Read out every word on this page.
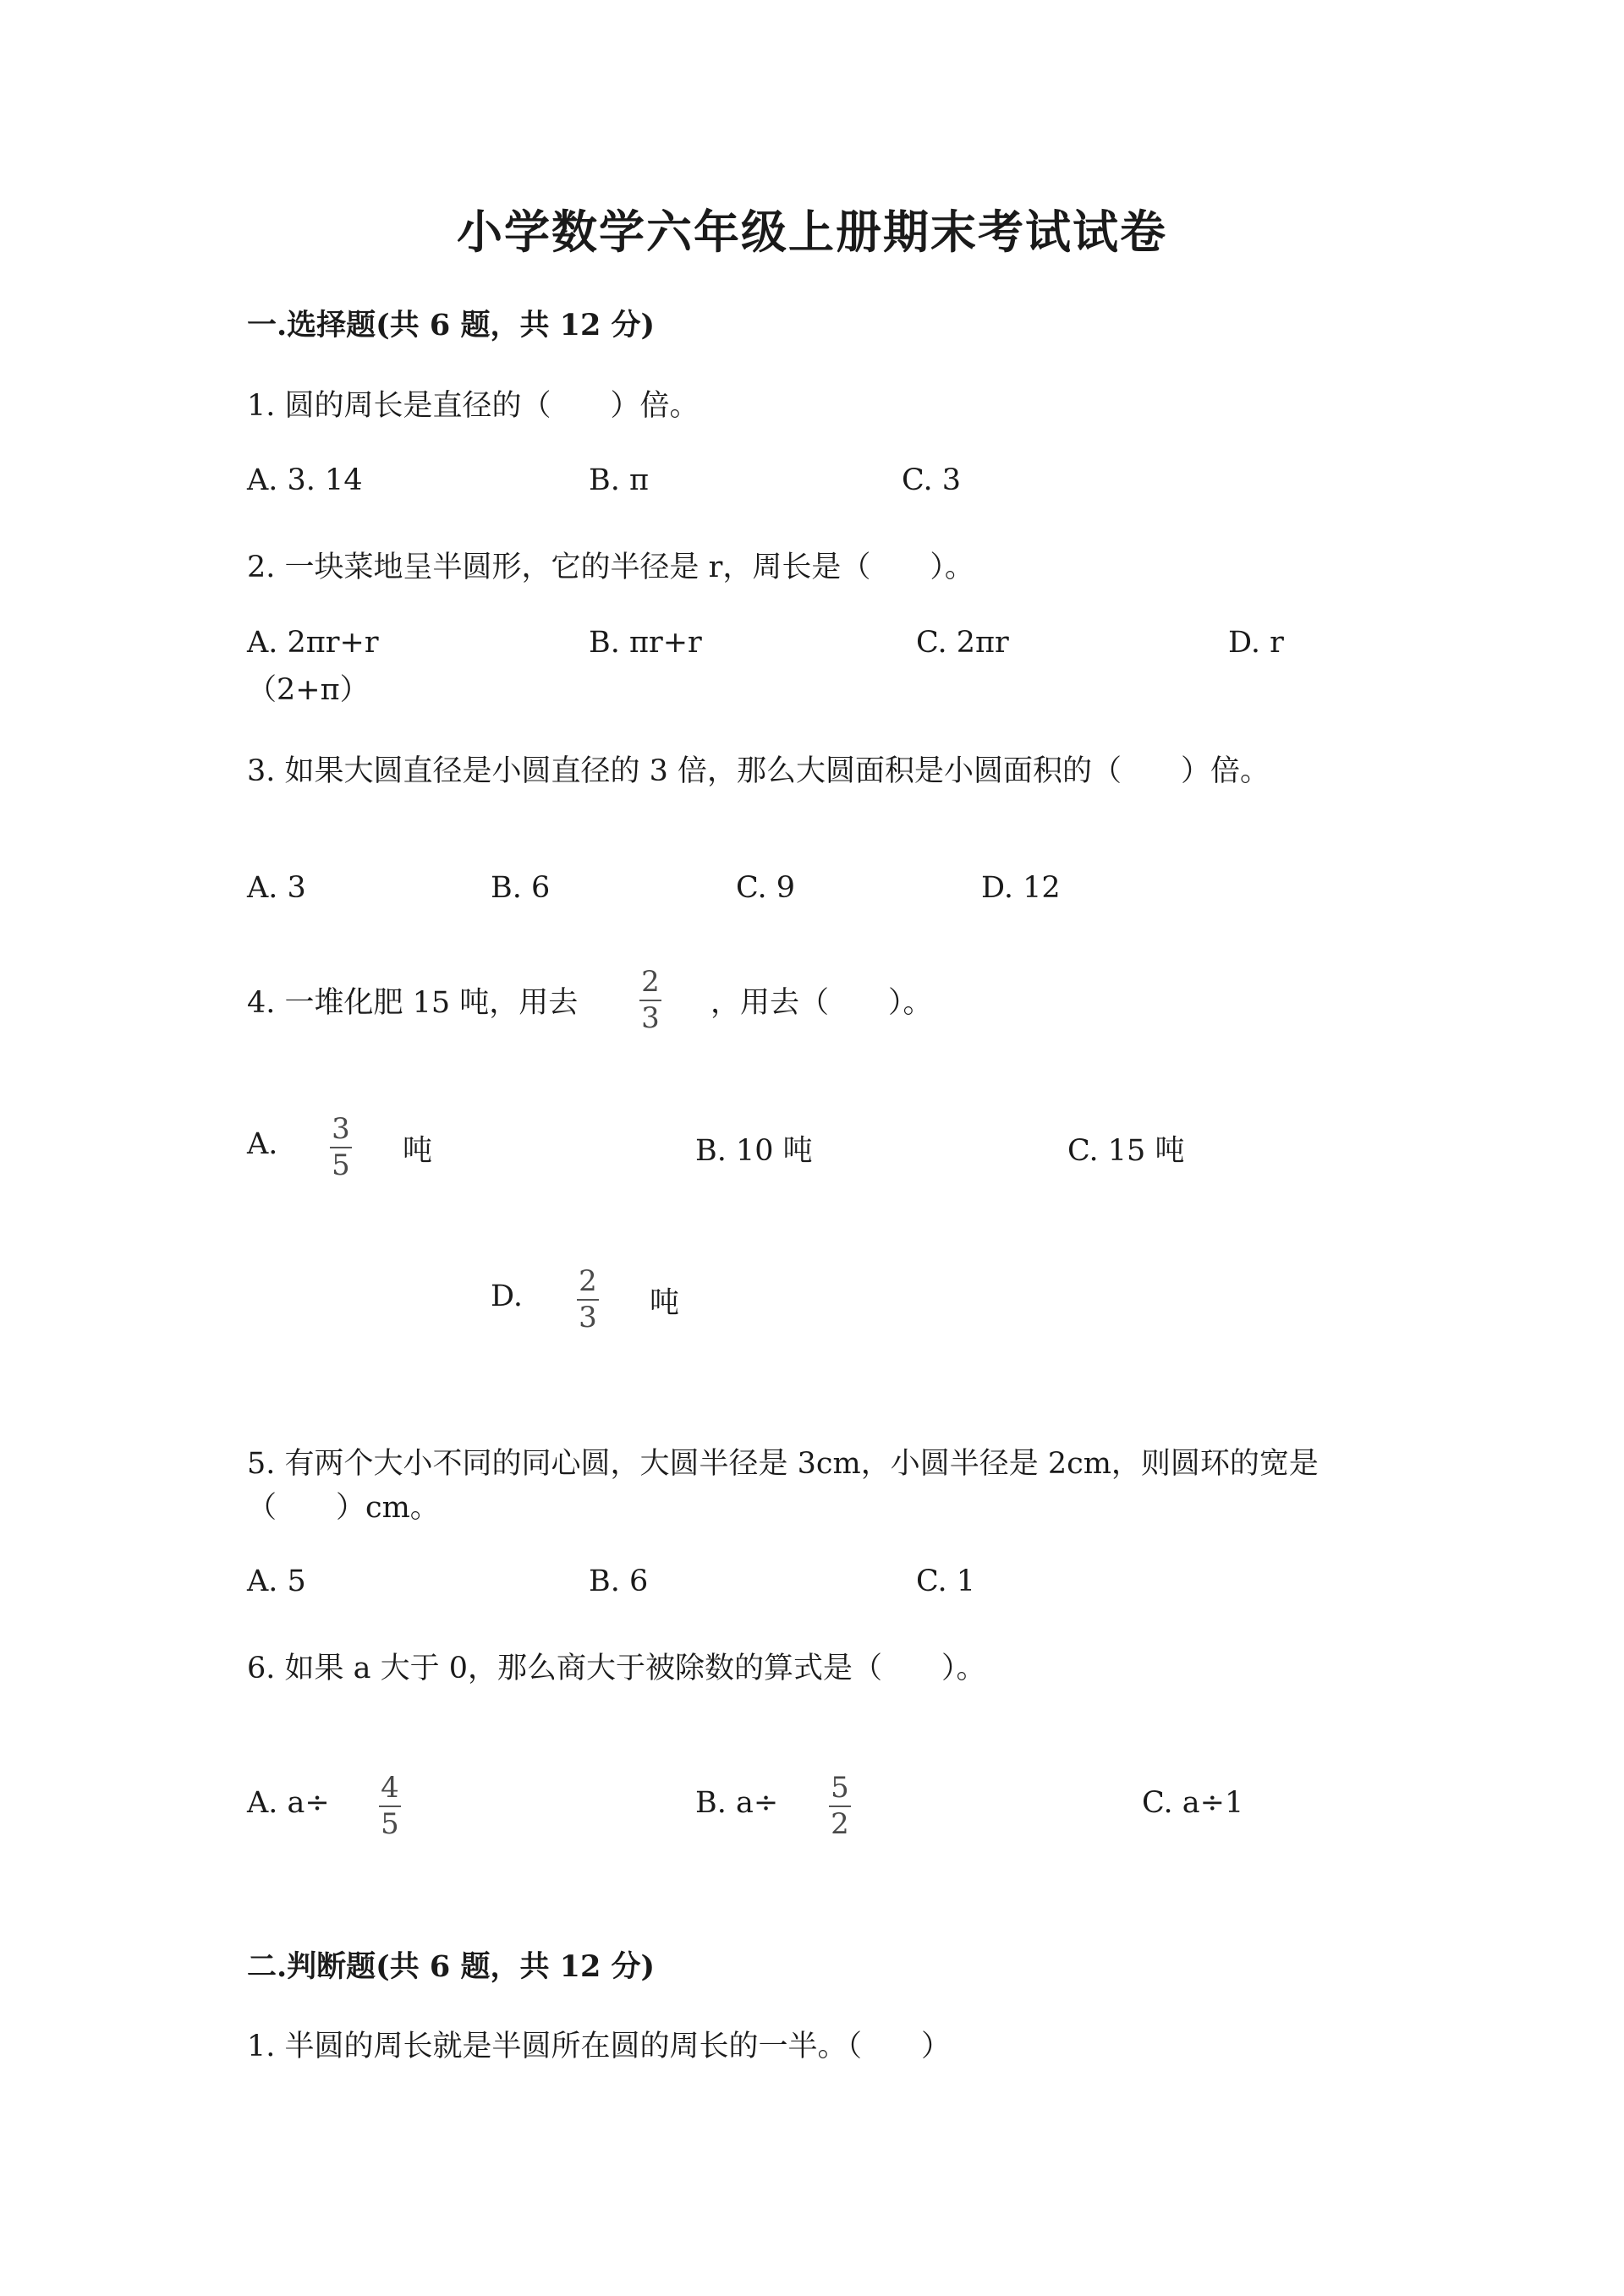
小学数学六年级上册期末考试试卷
一.选择题(共 6 题，共 12 分)
1. 圆的周长是直径的（　　）倍。
A. 3. 14	B. π	C. 3
2. 一块菜地呈半圆形，它的半径是 r，周长是（　　）。
A. 2πr+r	B. πr+r	C. 2πr	D. r
（2+π）
3. 如果大圆直径是小圆直径的 3 倍，那么大圆面积是小圆面积的（　　）倍。
A. 3	B. 6	C. 9	D. 12
4. 一堆化肥 15 吨，用去
2
3 ，用去（　　）。
A. 3
5 吨	B. 10 吨	C. 15 吨
D. 2
3 吨
5. 有两个大小不同的同心圆，大圆半径是 3cm，小圆半径是 2cm，则圆环的宽是
（　　）cm。
A. 5	B. 6	C. 1
6. 如果 a 大于 0，那么商大于被除数的算式是（　　）。
A. a÷ 4
5
B. a÷ 5
2
C. a÷1
二.判断题(共 6 题，共 12 分)
1. 半圆的周长就是半圆所在圆的周长的一半。（　　）
